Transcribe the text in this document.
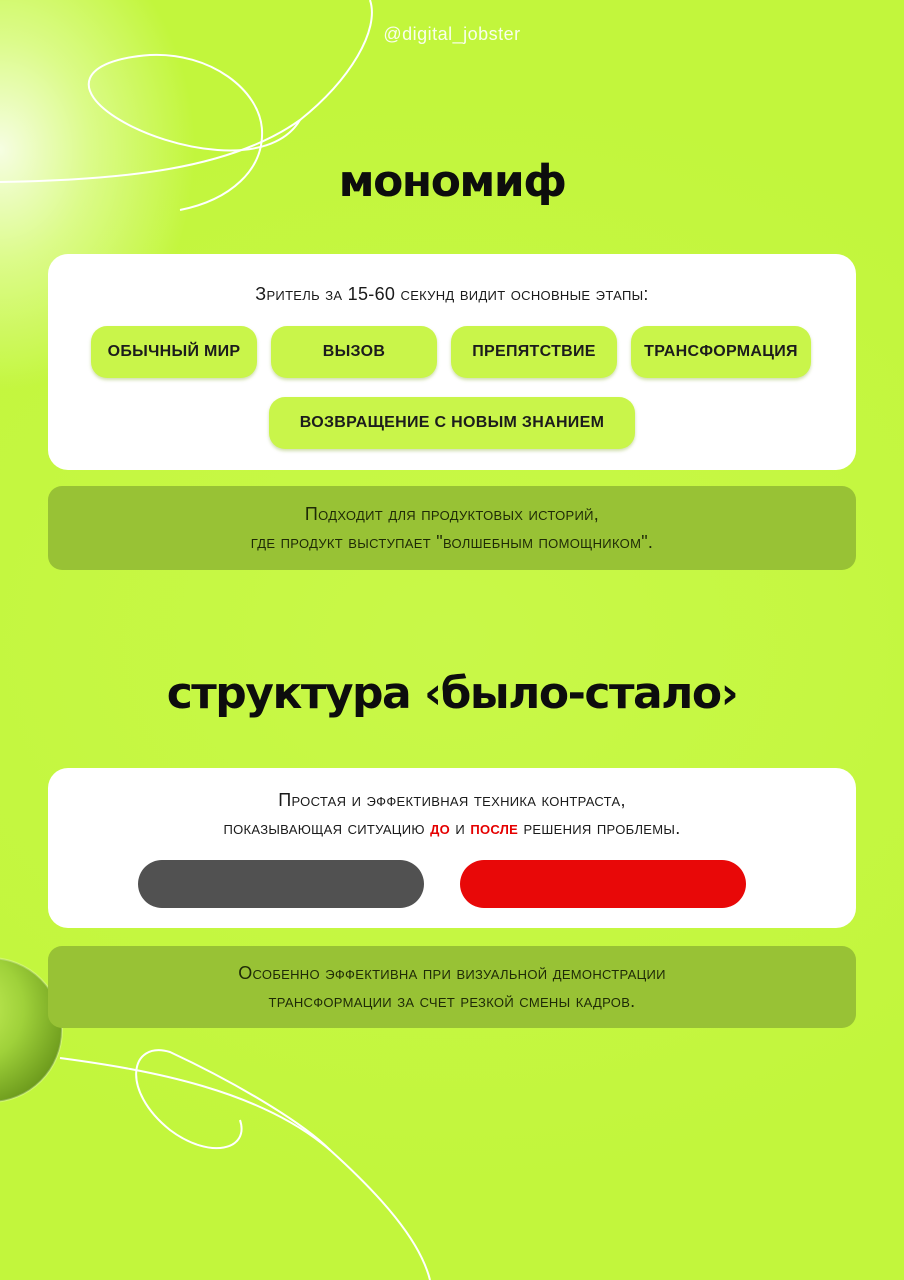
@digital_jobster
мономиф
Зритель за 15-60 секунд видит основные этапы:
ОБЫЧНЫЙ МИР	ВЫЗОВ	ПРЕПЯТСТВИЕ	ТРАНСФОРМАЦИЯ
ВОЗВРАЩЕНИЕ С НОВЫМ ЗНАНИЕМ
Подходит для продуктовых историй,
где продукт выступает "волшебным помощником".
структура ‹было-стало›
Простая и эффективная техника контраста,
показывающая ситуацию до и после решения проблемы.
Особенно эффективна при визуальной демонстрации
трансформации за счет резкой смены кадров.
